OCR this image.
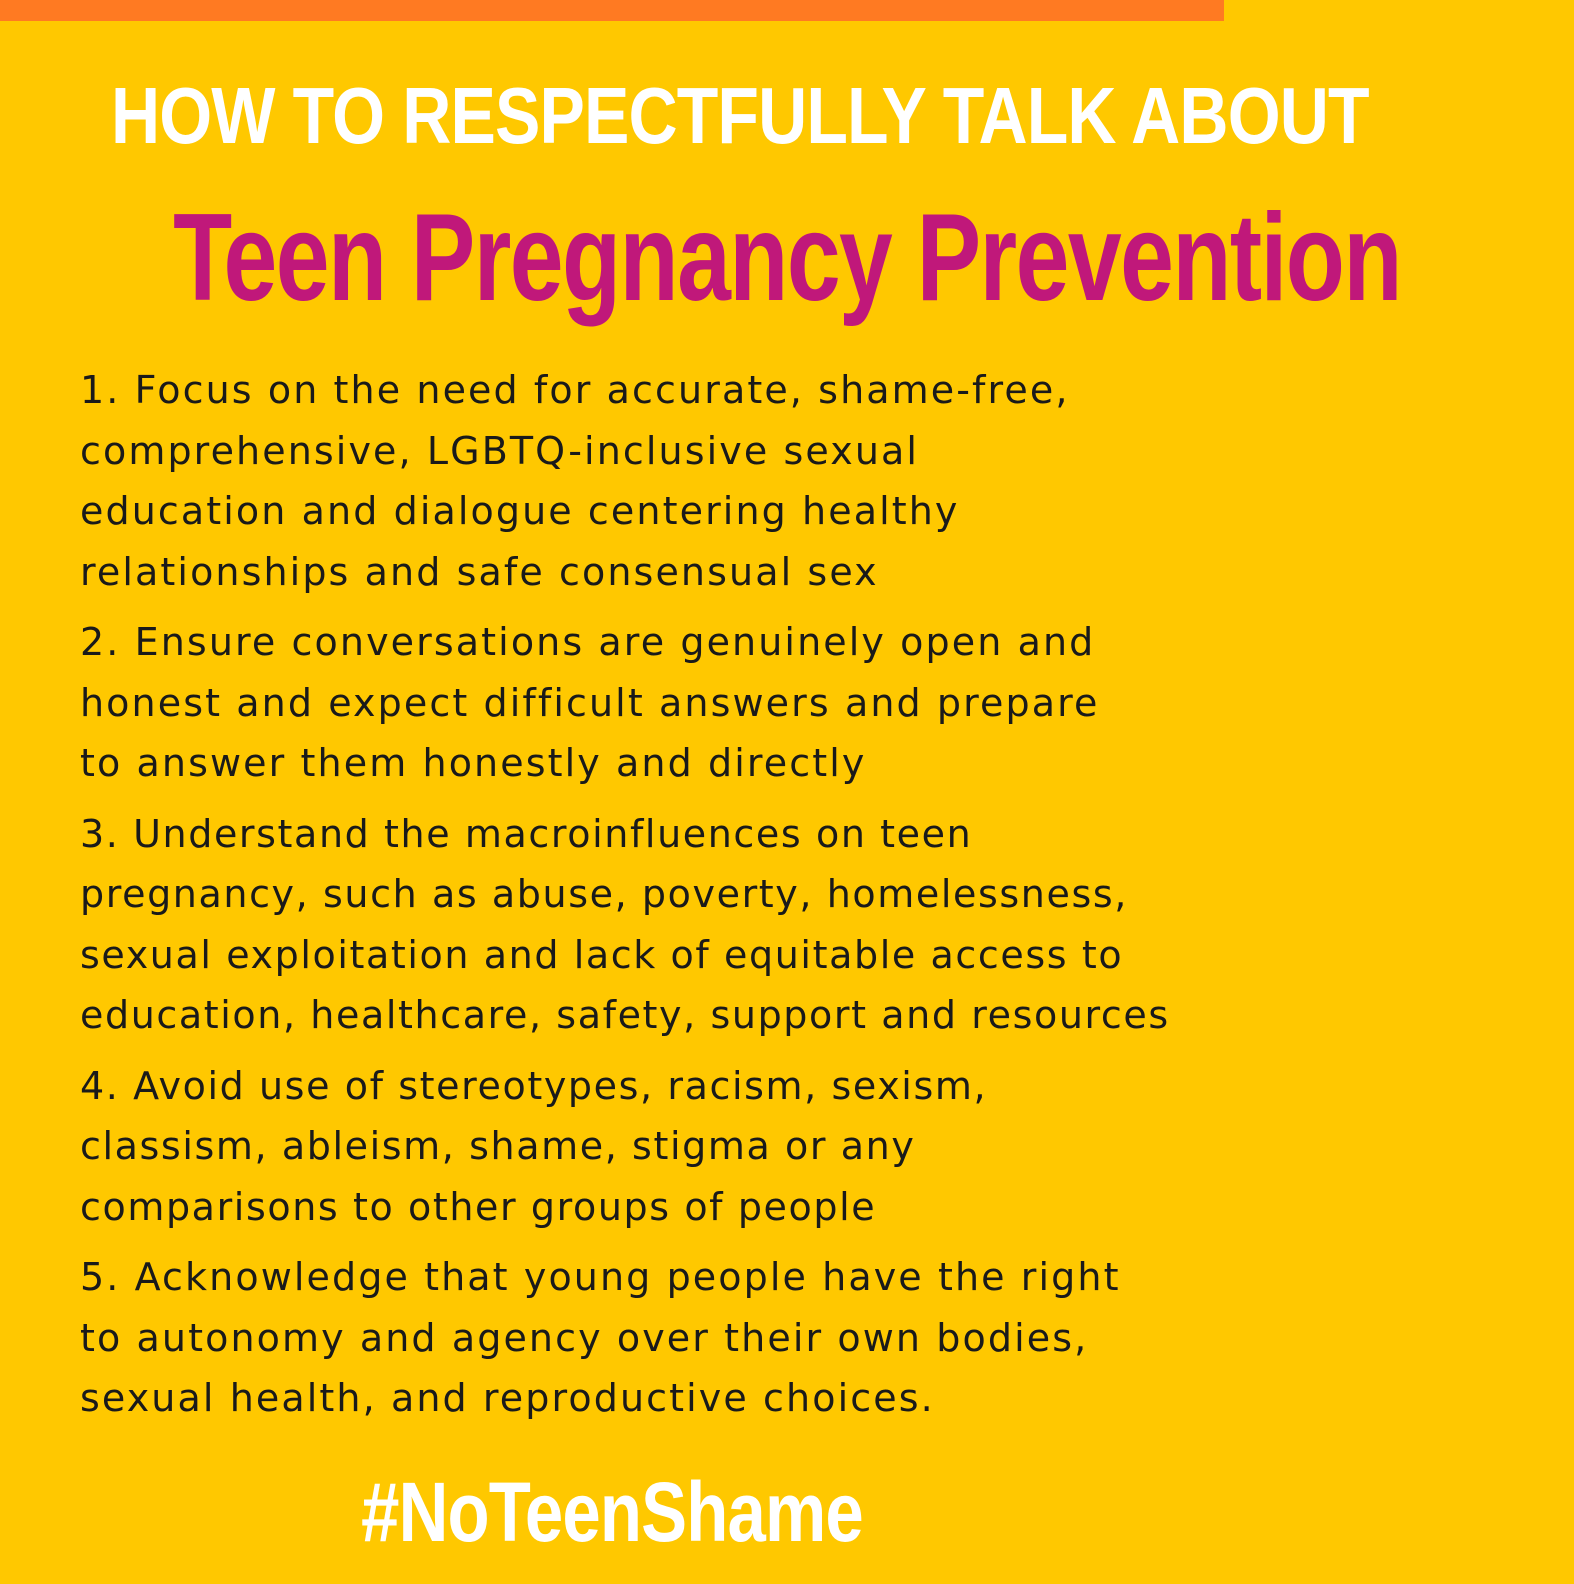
HOW TO RESPECTFULLY TALK ABOUT
Teen Pregnancy Prevention
1. Focus on the need for accurate, shame-free, comprehensive, LGBTQ-inclusive sexual education and dialogue centering healthy relationships and safe consensual sex
2. Ensure conversations are genuinely open and honest and expect difficult answers and prepare to answer them honestly and directly
3. Understand the macroinfluences on teen pregnancy, such as abuse, poverty, homelessness, sexual exploitation and lack of equitable access to education, healthcare, safety, support and resources
4. Avoid use of stereotypes, racism, sexism, classism, ableism, shame, stigma or any comparisons to other groups of people
5. Acknowledge that young people have the right to autonomy and agency over their own bodies, sexual health, and reproductive choices.
#NoTeenShame
